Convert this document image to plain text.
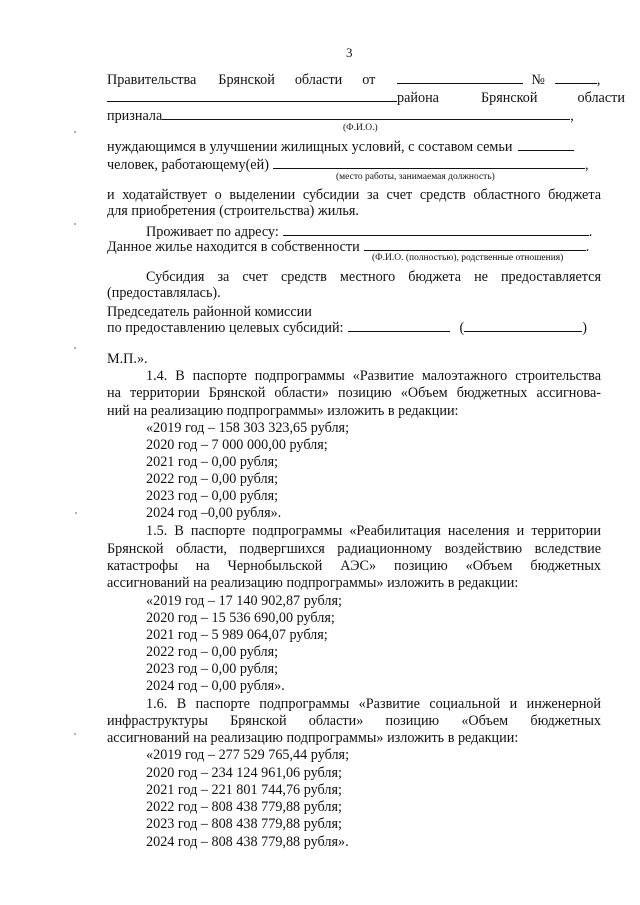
3
Правительства Брянской области от	№	,
района	Брянской	области
признала	,
(Ф.И.О.)
нуждающимся в улучшении жилищных условий, с составом семьи
человек, работающему(ей)	,
(место работы, занимаемая должность)
и ходатайствует о выделении субсидии за счет средств областного бюджета
для приобретения (строительства) жилья.
Проживает по адресу:	.
Данное жилье находится в собственности	.
(Ф.И.О. (полностью), родственные отношения)
Субсидия за счет средств местного бюджета не предоставляется
(предоставлялась).
Председатель районной комиссии
по предоставлению целевых субсидий:	(	)
М.П.».
1.4. В паспорте подпрограммы «Развитие малоэтажного строительства
на территории Брянской области» позицию «Объем бюджетных ассигнова-
ний на реализацию подпрограммы» изложить в редакции:
«2019 год – 158 303 323,65 рубля;
2020 год – 7 000 000,00 рубля;
2021 год – 0,00 рубля;
2022 год – 0,00 рубля;
2023 год – 0,00 рубля;
2024 год –0,00 рубля».
1.5. В паспорте подпрограммы «Реабилитация населения и территории
Брянской области, подвергшихся радиационному воздействию вследствие
катастрофы на Чернобыльской АЭС» позицию «Объем бюджетных
ассигнований на реализацию подпрограммы» изложить в редакции:
«2019 год – 17 140 902,87 рубля;
2020 год – 15 536 690,00 рубля;
2021 год – 5 989 064,07 рубля;
2022 год – 0,00 рубля;
2023 год – 0,00 рубля;
2024 год – 0,00 рубля».
1.6. В паспорте подпрограммы «Развитие социальной и инженерной
инфраструктуры Брянской области» позицию «Объем бюджетных
ассигнований на реализацию подпрограммы» изложить в редакции:
«2019 год – 277 529 765,44 рубля;
2020 год – 234 124 961,06 рубля;
2021 год – 221 801 744,76 рубля;
2022 год – 808 438 779,88 рубля;
2023 год – 808 438 779,88 рубля;
2024 год – 808 438 779,88 рубля».
